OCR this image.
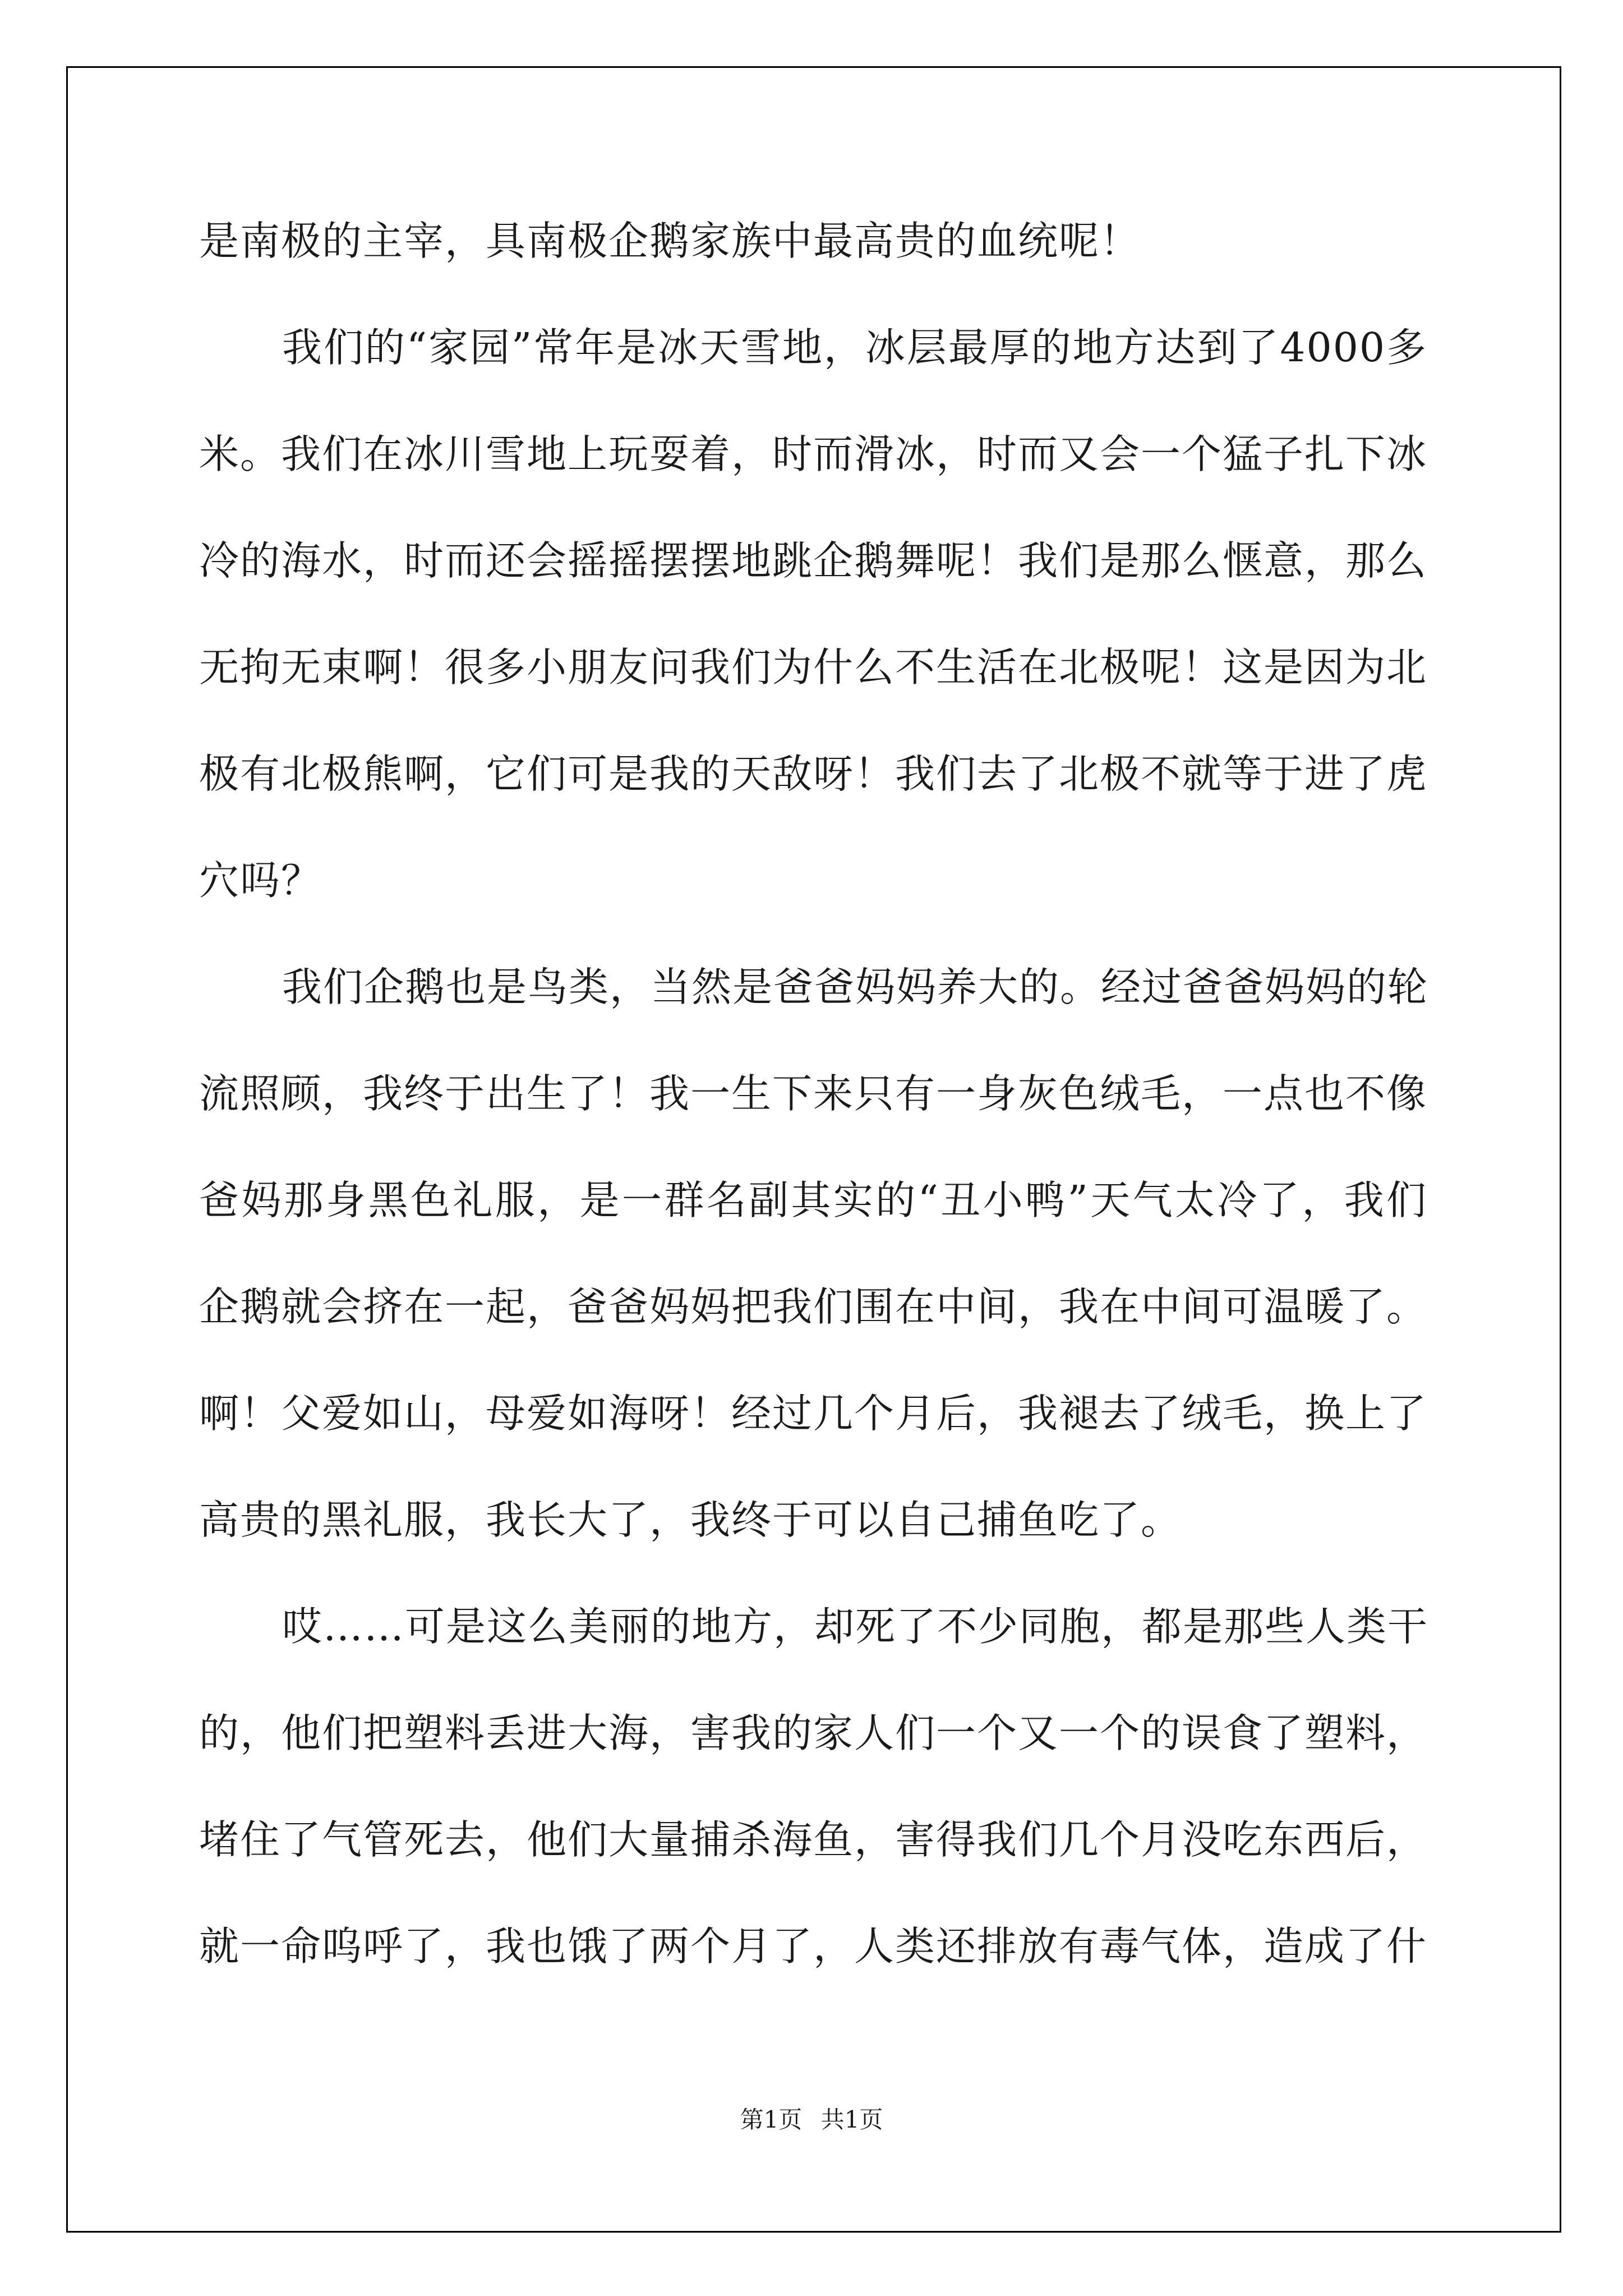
是南极的主宰，具南极企鹅家族中最高贵的血统呢！
我们的“家园”常年是冰天雪地，冰层最厚的地方达到了4000多
米。我们在冰川雪地上玩耍着，时而滑冰，时而又会一个猛子扎下冰
冷的海水，时而还会摇摇摆摆地跳企鹅舞呢！我们是那么惬意，那么
无拘无束啊！很多小朋友问我们为什么不生活在北极呢！这是因为北
极有北极熊啊，它们可是我的天敌呀！我们去了北极不就等于进了虎
穴吗？
我们企鹅也是鸟类，当然是爸爸妈妈养大的。经过爸爸妈妈的轮
流照顾，我终于出生了！我一生下来只有一身灰色绒毛，一点也不像
爸妈那身黑色礼服，是一群名副其实的“丑小鸭”天气太冷了，我们
企鹅就会挤在一起，爸爸妈妈把我们围在中间，我在中间可温暖了。
啊！父爱如山，母爱如海呀！经过几个月后，我褪去了绒毛，换上了
高贵的黑礼服，我长大了，我终于可以自己捕鱼吃了。
哎……可是这么美丽的地方，却死了不少同胞，都是那些人类干
的，他们把塑料丢进大海，害我的家人们一个又一个的误食了塑料，
堵住了气管死去，他们大量捕杀海鱼，害得我们几个月没吃东西后，
就一命呜呼了，我也饿了两个月了，人类还排放有毒气体，造成了什
第1页 共1页
